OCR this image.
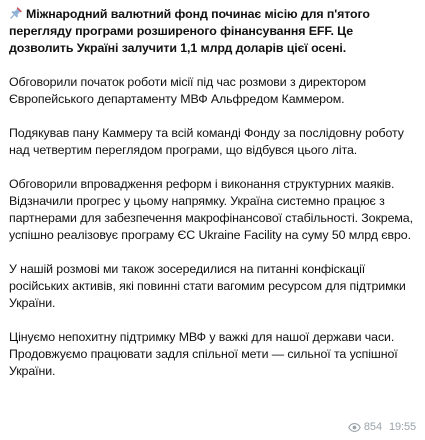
Міжнародний валютний фонд починає місію для п'ятого перегляду програми розширеного фінансування EFF. Це дозволить Україні залучити 1,1 млрд доларів цієї осені.

Обговорили початок роботи місії під час розмови з директором Європейського департаменту МВФ Альфредом Каммером.

Подякував пану Каммеру та всій команді Фонду за послідовну роботу над четвертим переглядом програми, що відбувся цього літа.

Обговорили впровадження реформ і виконання структурних маяків. Відзначили прогрес у цьому напрямку. Україна системно працює з партнерами для забезпечення макрофінансової стабільності. Зокрема, успішно реалізовує програму ЄС Ukraine Facility на суму 50 млрд євро.

У нашій розмові ми також зосередилися на питанні конфіскації російських активів, які повинні стати вагомим ресурсом для підтримки України.

Цінуємо непохитну підтримку МВФ у важкі для нашої держави часи. Продовжуємо працювати задля спільної мети — сильної та успішної України.

854 19:55
